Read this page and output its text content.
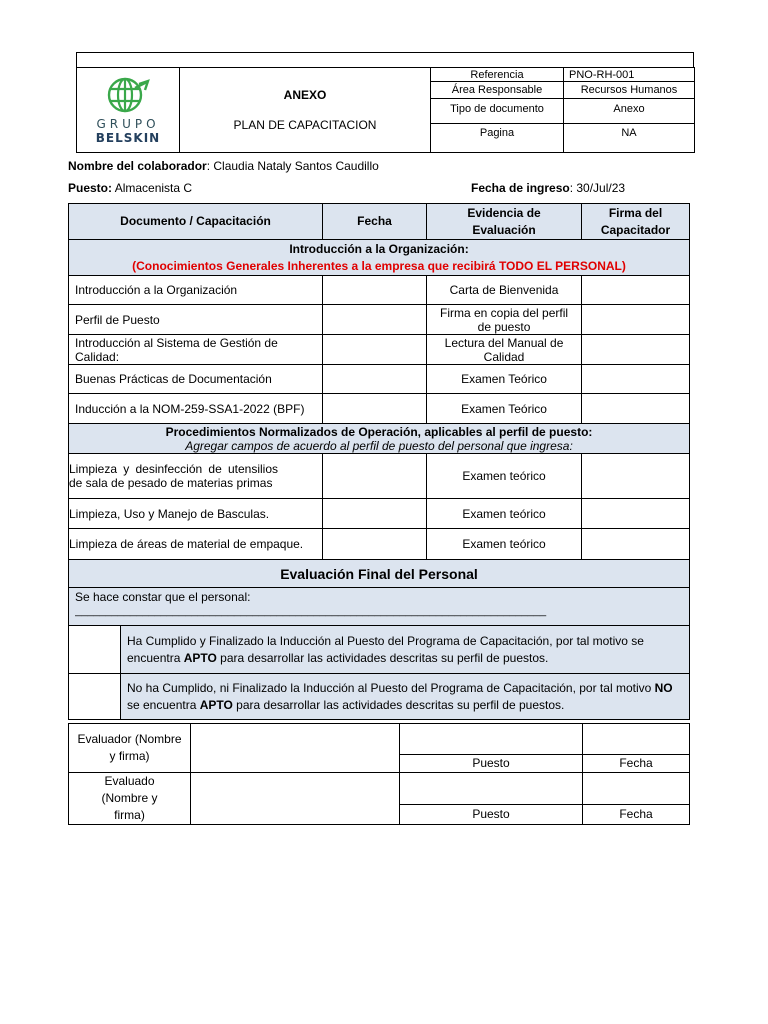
GRUPO
BELSKIN	ANEXO
PLAN DE CAPACITACION	Referencia	PNO-RH-001
		Área Responsable	Recursos Humanos

		Tipo de documento	Anexo
		Pagina	NA
Nombre del colaborador: Claudia Nataly Santos Caudillo
Puesto: Almacenista C	Fecha de ingreso: 30/Jul/23
Documento / Capacitación		Fecha	Evidencia de Evaluación	Firma del Capacitador

Introducción a la Organización:
(Conocimientos Generales Inherentes a la empresa que recibirá TODO EL PERSONAL)				

Introducción a la Organización			Carta de Bienvenida	
Perfil de Puesto			Firma en copia del perfil de puesto	
Introducción al Sistema de Gestión de Calidad:			Lectura del Manual de Calidad	
Buenas Prácticas de Documentación			Examen Teórico	
Inducción a la NOM-259-SSA1-2022 (BPF)			Examen Teórico	

Procedimientos Normalizados de Operación, aplicables al perfil de puesto:
Agregar campos de acuerdo al perfil de puesto del personal que ingresa:				

Limpieza y desinfección de utensilios de sala de pesado de materias primas			Examen teórico	
Limpieza, Uso y Manejo de Basculas.			Examen teórico	
Limpieza de áreas de material de empaque.			Examen teórico	
Evaluación Final del Personal				

Se hace constar que el personal:
_____________________________________________________________________________				

	Ha Cumplido y Finalizado la Inducción al Puesto del Programa de Capacitación, por tal motivo se encuentra APTO para desarrollar las actividades descritas su perfil de puestos.			
	No ha Cumplido, ni Finalizado la Inducción al Puesto del Programa de Capacitación, por tal motivo NO se encuentra APTO para desarrollar las actividades descritas su perfil de puestos.			
Evaluador (Nombre y firma)			
		Puesto	Fecha
Evaluado (Nombre y firma)			
		Puesto	Fecha
